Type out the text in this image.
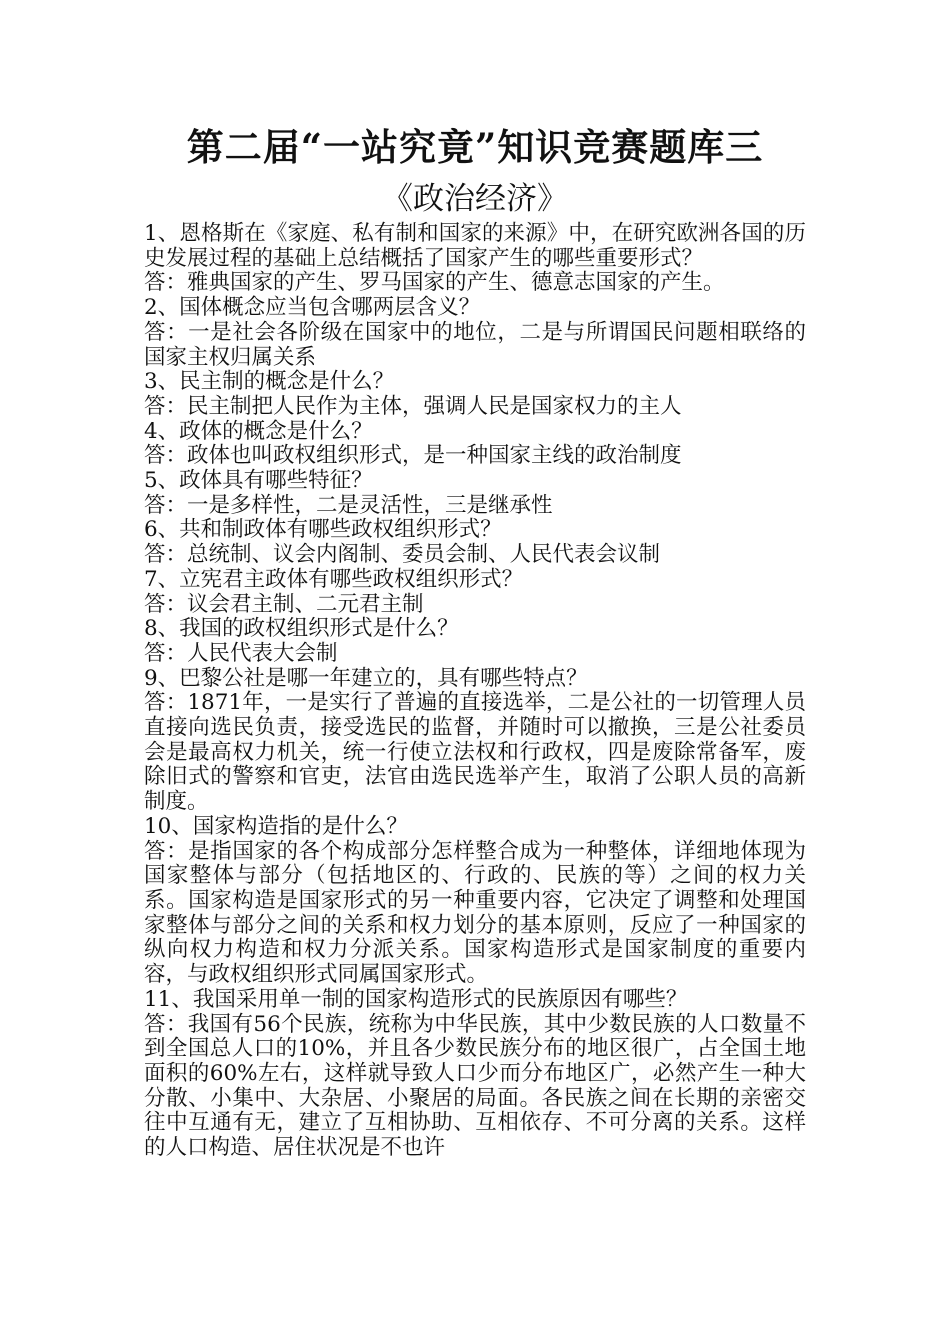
第二届“一站究竟”知识竞赛题库三
《政治经济》

1、恩格斯在《家庭、私有制和国家的来源》中，在研究欧洲各国的历史发展过程的基础上总结概括了国家产生的哪些重要形式？

答：雅典国家的产生、罗马国家的产生、德意志国家的产生。

2、国体概念应当包含哪两层含义？

答：一是社会各阶级在国家中的地位，二是与所谓国民问题相联络的国家主权归属关系

3、民主制的概念是什么？

答：民主制把人民作为主体，强调人民是国家权力的主人

4、政体的概念是什么？

答：政体也叫政权组织形式，是一种国家主线的政治制度

5、政体具有哪些特征？

答：一是多样性，二是灵活性，三是继承性

6、共和制政体有哪些政权组织形式？

答：总统制、议会内阁制、委员会制、人民代表会议制

7、立宪君主政体有哪些政权组织形式？

答：议会君主制、二元君主制

8、我国的政权组织形式是什么？

答：人民代表大会制

9、巴黎公社是哪一年建立的，具有哪些特点？

答：1871年，一是实行了普遍的直接选举，二是公社的一切管理人员直接向选民负责，接受选民的监督，并随时可以撤换，三是公社委员会是最高权力机关，统一行使立法权和行政权，四是废除常备军，废除旧式的警察和官吏，法官由选民选举产生，取消了公职人员的高新制度。

10、国家构造指的是什么？

答：是指国家的各个构成部分怎样整合成为一种整体，详细地体现为国家整体与部分（包括地区的、行政的、民族的等）之间的权力关系。国家构造是国家形式的另一种重要内容，它决定了调整和处理国家整体与部分之间的关系和权力划分的基本原则，反应了一种国家的纵向权力构造和权力分派关系。国家构造形式是国家制度的重要内容，与政权组织形式同属国家形式。

11、我国采用单一制的国家构造形式的民族原因有哪些？

答：我国有56个民族，统称为中华民族，其中少数民族的人口数量不到全国总人口的10%，并且各少数民族分布的地区很广，占全国土地面积的60%左右，这样就导致人口少而分布地区广，必然产生一种大分散、小集中、大杂居、小聚居的局面。各民族之间在长期的亲密交往中互通有无，建立了互相协助、互相依存、不可分离的关系。这样的人口构造、居住状况是不也许
